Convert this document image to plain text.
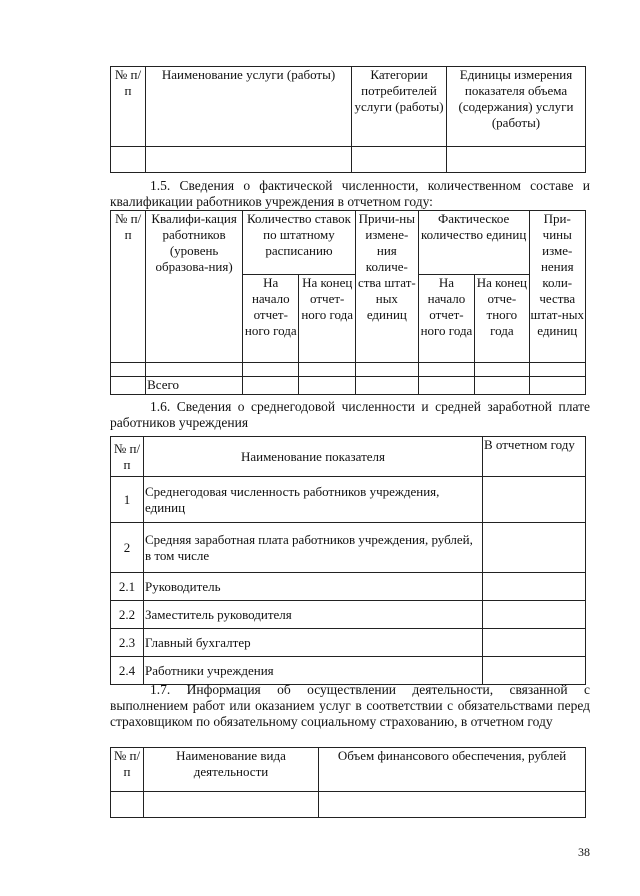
№ п/п	Наименование услуги (работы)	Категории потребителей услуги (работы)	Единицы измерения показателя объема (содержания) услуги (работы)

1.5. Сведения о фактической численности, количественном составе и квалификации работников учреждения в отчетном году:
№ п/п	Квалифи-кация работников (уровень образова-ния)	Количество ставок по штатному расписанию		Причи-ны измене-ния количе-ства штат-ных единиц	Фактическое количество единиц		При-чины изме-нения коли-чества штат-ных единиц
		На начало отчет-ного года	На конец отчет-ного года		На начало отчет-ного года	На конец отче-тного года	

	Всего						
1.6. Сведения о среднегодовой численности и средней заработной плате работников учреждения
№ п/п	Наименование показателя	В отчетном году
1	Среднегодовая численность работников учреждения, единиц	
2	Средняя заработная плата работников учреждения, рублей, в том числе	
2.1	Руководитель	
2.2	Заместитель руководителя	
2.3	Главный бухгалтер	
2.4	Работники учреждения	
1.7. Информация об осуществлении деятельности, связанной с выполнением работ или оказанием услуг в соответствии с обязательствами перед страховщиком по обязательному социальному страхованию, в отчетном году
№ п/п	Наименование вида деятельности	Объем финансового обеспечения, рублей

38
